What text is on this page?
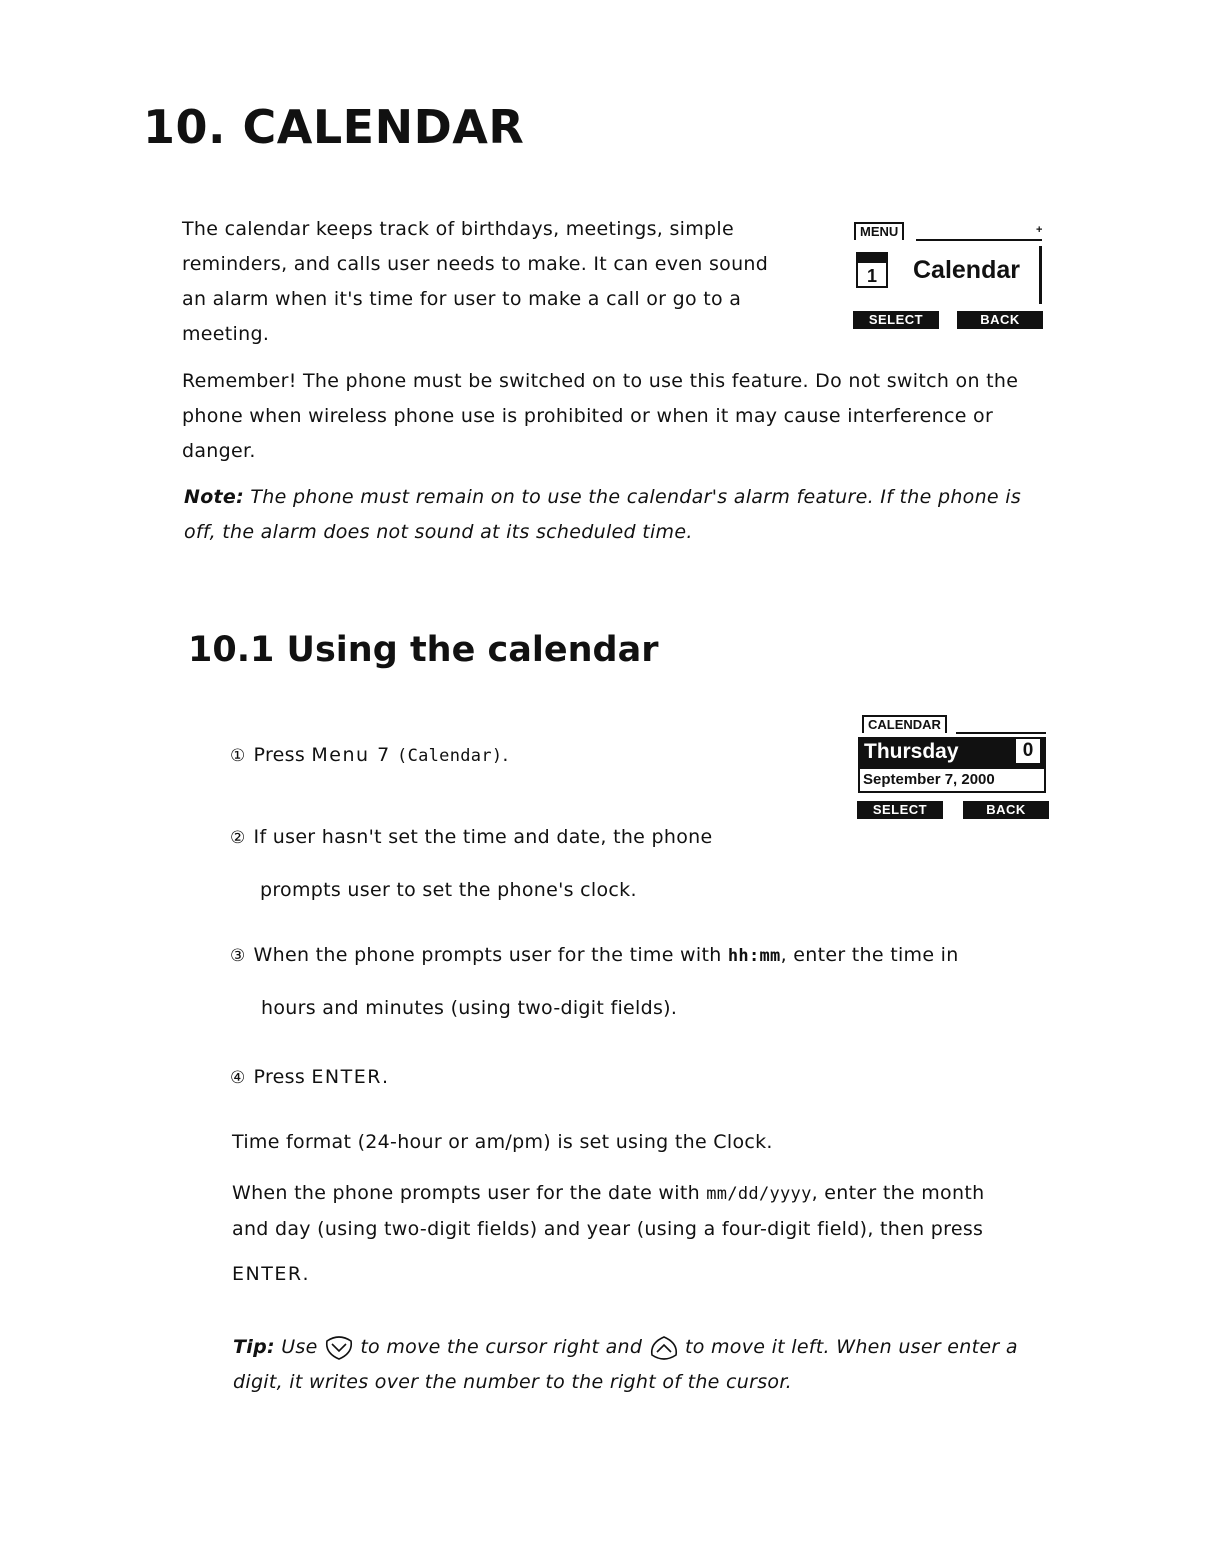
10. CALENDAR
The calendar keeps track of birthdays, meetings, simple
reminders, and calls user needs to make. It can even sound
an alarm when it's time for user to make a call or go to a
meeting.
MENU	+
1	Calendar
SELECT	BACK
Remember! The phone must be switched on to use this feature. Do not switch on the
phone when wireless phone use is prohibited or when it may cause interference or
danger.
Note: The phone must remain on to use the calendar's alarm feature. If the phone is
off, the alarm does not sound at its scheduled time.
10.1 Using the calendar
CALENDAR
Thursday	0
September 7, 2000
SELECT	BACK
① Press Menu 7 (Calendar).
② If user hasn't set the time and date, the phone
prompts user to set the phone's clock.
③ When the phone prompts user for the time with hh:mm, enter the time in
hours and minutes (using two-digit fields).
④ Press ENTER.
Time format (24-hour or am/pm) is set using the Clock.
When the phone prompts user for the date with mm/dd/yyyy, enter the month
and day (using two-digit fields) and year (using a four-digit field), then press
ENTER.
Tip: Use to move the cursor right and to move it left. When user enter a
digit, it writes over the number to the right of the cursor.
